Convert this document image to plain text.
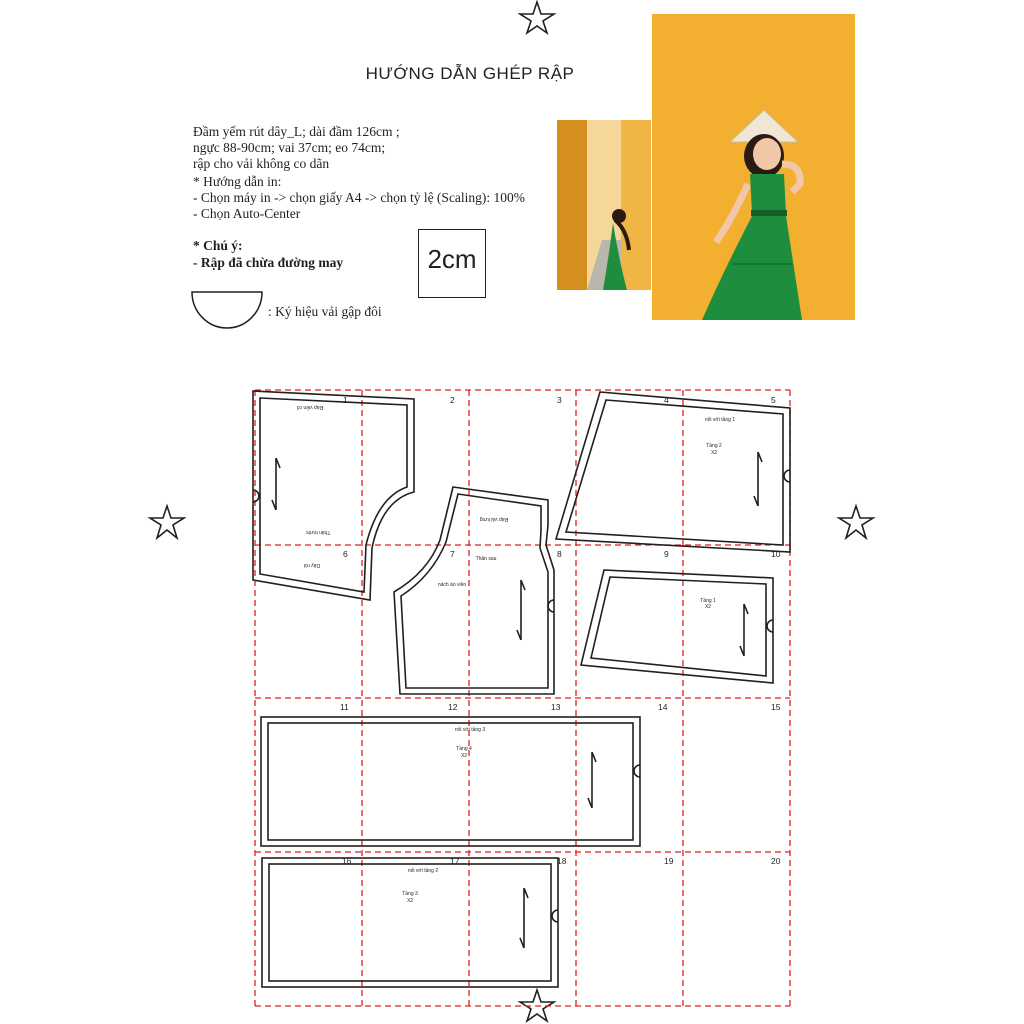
HƯỚNG DẪN GHÉP RẬP
Đầm yếm rút dây_L; dài đầm 126cm ;
ngực 88-90cm; vai 37cm; eo 74cm;
rập cho vải không co dãn
* Hướng dẫn in:
- Chọn máy in -> chọn giấy A4 -> chọn tỷ lệ (Scaling): 100%
- Chọn Auto-Center
* Chú ý:
- Rập đã chừa đường may	2cm
: Ký hiệu vải gập đôi
1	2	3	4	5
6	7	8	9	10
11	12	13	14	15
16	17	18	19	20
Đáp viền cổ
Thân trước
Dây rút
Đáp vải lưng
Thân sau
nách áo viền
nối với tầng 1
Tầng 2
X2
Tầng 1
X2
nối với tầng 3
Tầng 4
X2
nối với tầng 2
Tầng 3
X2
